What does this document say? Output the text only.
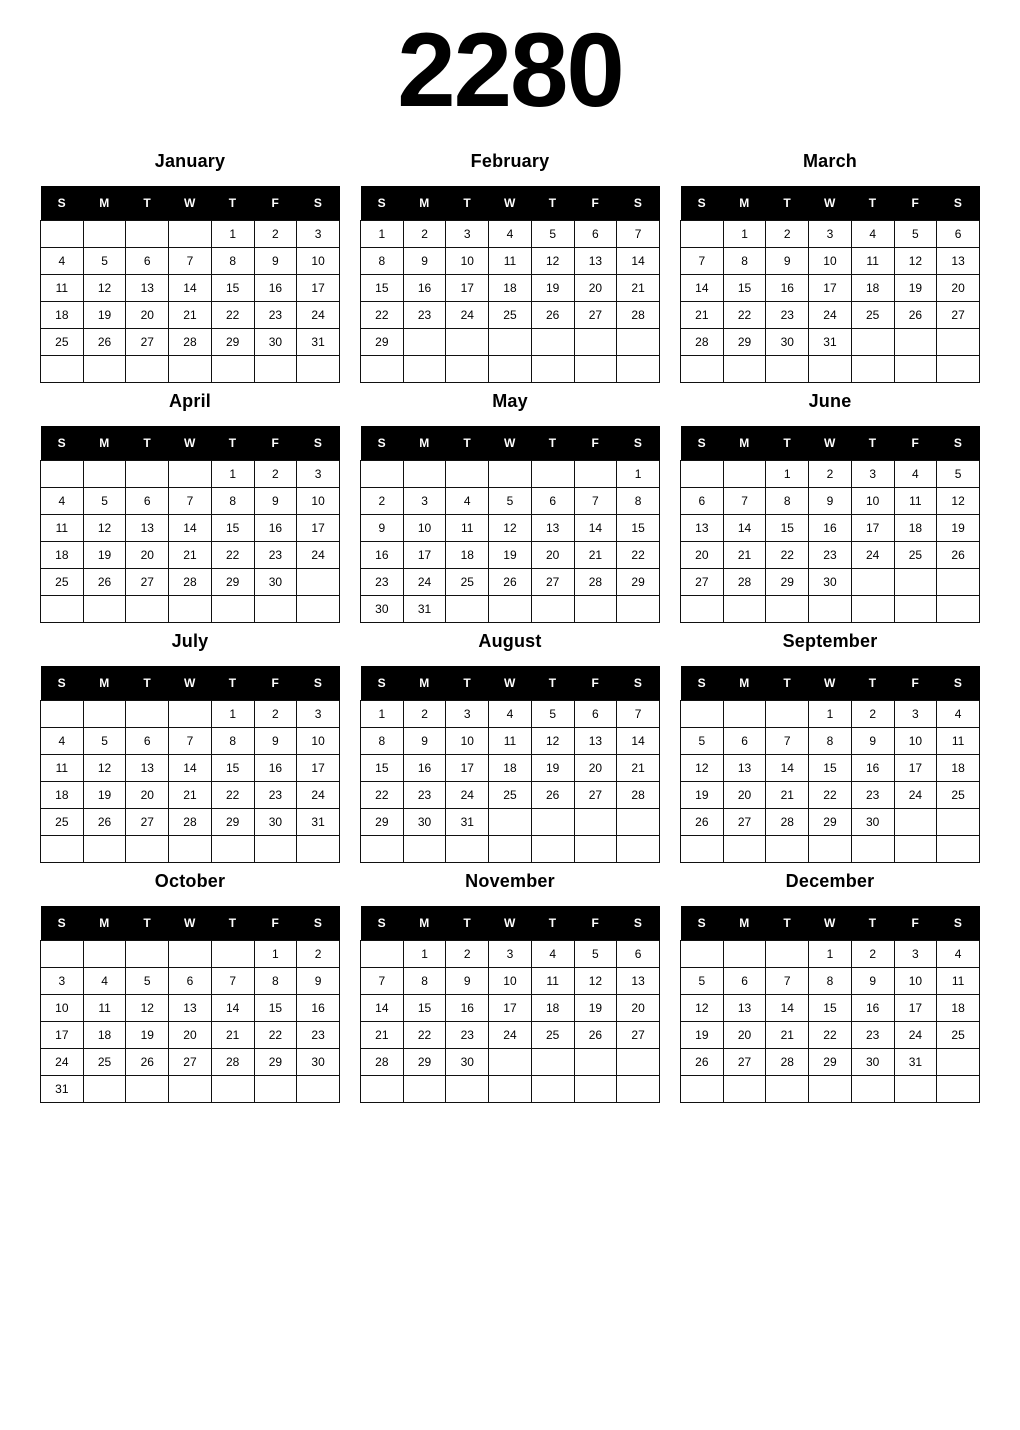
2280
January
S	M	T	W	T	F	S
				1	2	3
4	5	6	7	8	9	10
11	12	13	14	15	16	17
18	19	20	21	22	23	24
25	26	27	28	29	30	31

February
S	M	T	W	T	F	S
1	2	3	4	5	6	7
8	9	10	11	12	13	14
15	16	17	18	19	20	21
22	23	24	25	26	27	28
29						

March
S	M	T	W	T	F	S
	1	2	3	4	5	6
7	8	9	10	11	12	13
14	15	16	17	18	19	20
21	22	23	24	25	26	27
28	29	30	31			

April
S	M	T	W	T	F	S
				1	2	3
4	5	6	7	8	9	10
11	12	13	14	15	16	17
18	19	20	21	22	23	24
25	26	27	28	29	30	

May
S	M	T	W	T	F	S
						1
2	3	4	5	6	7	8
9	10	11	12	13	14	15
16	17	18	19	20	21	22
23	24	25	26	27	28	29
30	31					
June
S	M	T	W	T	F	S
		1	2	3	4	5
6	7	8	9	10	11	12
13	14	15	16	17	18	19
20	21	22	23	24	25	26
27	28	29	30			

July
S	M	T	W	T	F	S
				1	2	3
4	5	6	7	8	9	10
11	12	13	14	15	16	17
18	19	20	21	22	23	24
25	26	27	28	29	30	31

August
S	M	T	W	T	F	S
1	2	3	4	5	6	7
8	9	10	11	12	13	14
15	16	17	18	19	20	21
22	23	24	25	26	27	28
29	30	31				

September
S	M	T	W	T	F	S
			1	2	3	4
5	6	7	8	9	10	11
12	13	14	15	16	17	18
19	20	21	22	23	24	25
26	27	28	29	30		

October
S	M	T	W	T	F	S
					1	2
3	4	5	6	7	8	9
10	11	12	13	14	15	16
17	18	19	20	21	22	23
24	25	26	27	28	29	30
31						
November
S	M	T	W	T	F	S
	1	2	3	4	5	6
7	8	9	10	11	12	13
14	15	16	17	18	19	20
21	22	23	24	25	26	27
28	29	30				

December
S	M	T	W	T	F	S
			1	2	3	4
5	6	7	8	9	10	11
12	13	14	15	16	17	18
19	20	21	22	23	24	25
26	27	28	29	30	31	
